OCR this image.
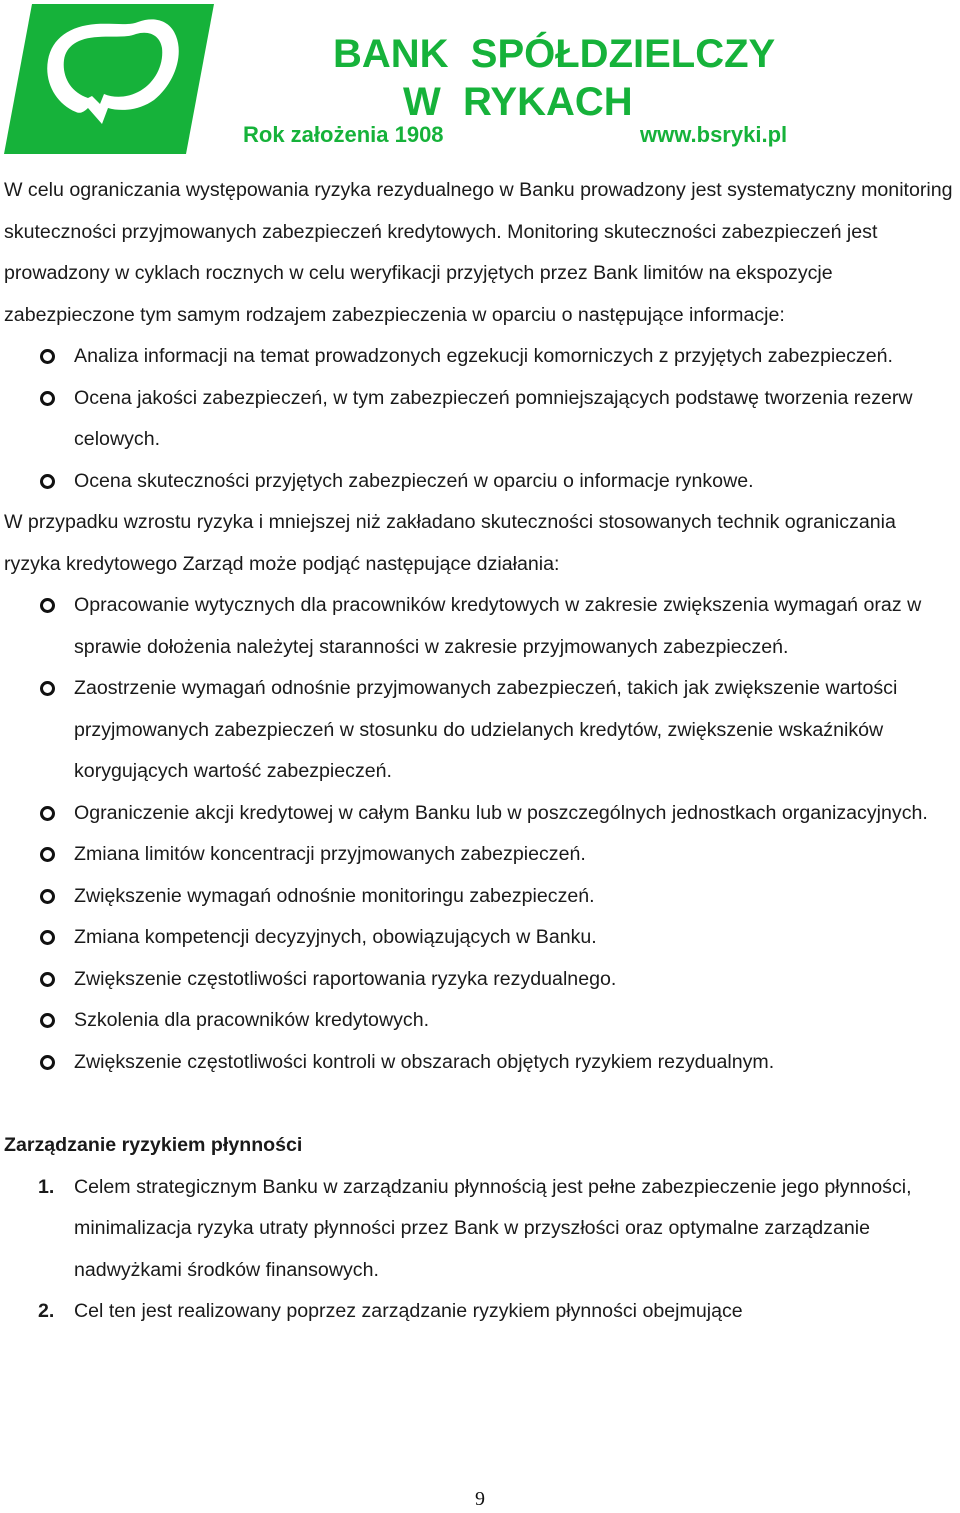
BANK  SPÓŁDZIELCZY
W  RYKACH
Rok założenia 1908	www.bsryki.pl

W celu ograniczania występowania ryzyka rezydualnego w Banku prowadzony jest systematyczny monitoring skuteczności przyjmowanych zabezpieczeń kredytowych. Monitoring skuteczności zabezpieczeń jest prowadzony w cyklach rocznych w celu weryfikacji przyjętych przez Bank limitów na ekspozycje zabezpieczone tym samym rodzajem zabezpieczenia w oparciu o następujące informacje:

Analiza informacji na temat prowadzonych egzekucji komorniczych z przyjętych zabezpieczeń.
Ocena jakości zabezpieczeń, w tym zabezpieczeń pomniejszających podstawę tworzenia rezerw celowych.
Ocena skuteczności przyjętych zabezpieczeń w oparciu o informacje rynkowe.

W przypadku wzrostu ryzyka i mniejszej niż zakładano skuteczności stosowanych technik ograniczania ryzyka kredytowego Zarząd może podjąć następujące działania:

Opracowanie wytycznych dla pracowników kredytowych w zakresie zwiększenia wymagań oraz w sprawie dołożenia należytej staranności w zakresie przyjmowanych zabezpieczeń.
Zaostrzenie wymagań odnośnie przyjmowanych zabezpieczeń, takich jak zwiększenie wartości przyjmowanych zabezpieczeń w stosunku do udzielanych kredytów, zwiększenie wskaźników korygujących wartość zabezpieczeń.
Ograniczenie akcji kredytowej w całym Banku lub w poszczególnych jednostkach organizacyjnych.
Zmiana limitów koncentracji przyjmowanych zabezpieczeń.
Zwiększenie wymagań odnośnie monitoringu zabezpieczeń.
Zmiana kompetencji decyzyjnych, obowiązujących w Banku.
Zwiększenie częstotliwości raportowania ryzyka rezydualnego.
Szkolenia dla pracowników kredytowych.
Zwiększenie częstotliwości kontroli w obszarach objętych ryzykiem rezydualnym.

Zarządzanie ryzykiem płynności

1. Celem strategicznym Banku w zarządzaniu płynnością jest pełne zabezpieczenie jego płynności, minimalizacja ryzyka utraty płynności przez Bank w przyszłości oraz optymalne zarządzanie nadwyżkami środków finansowych.
2. Cel ten jest realizowany poprzez zarządzanie ryzykiem płynności obejmujące
9
